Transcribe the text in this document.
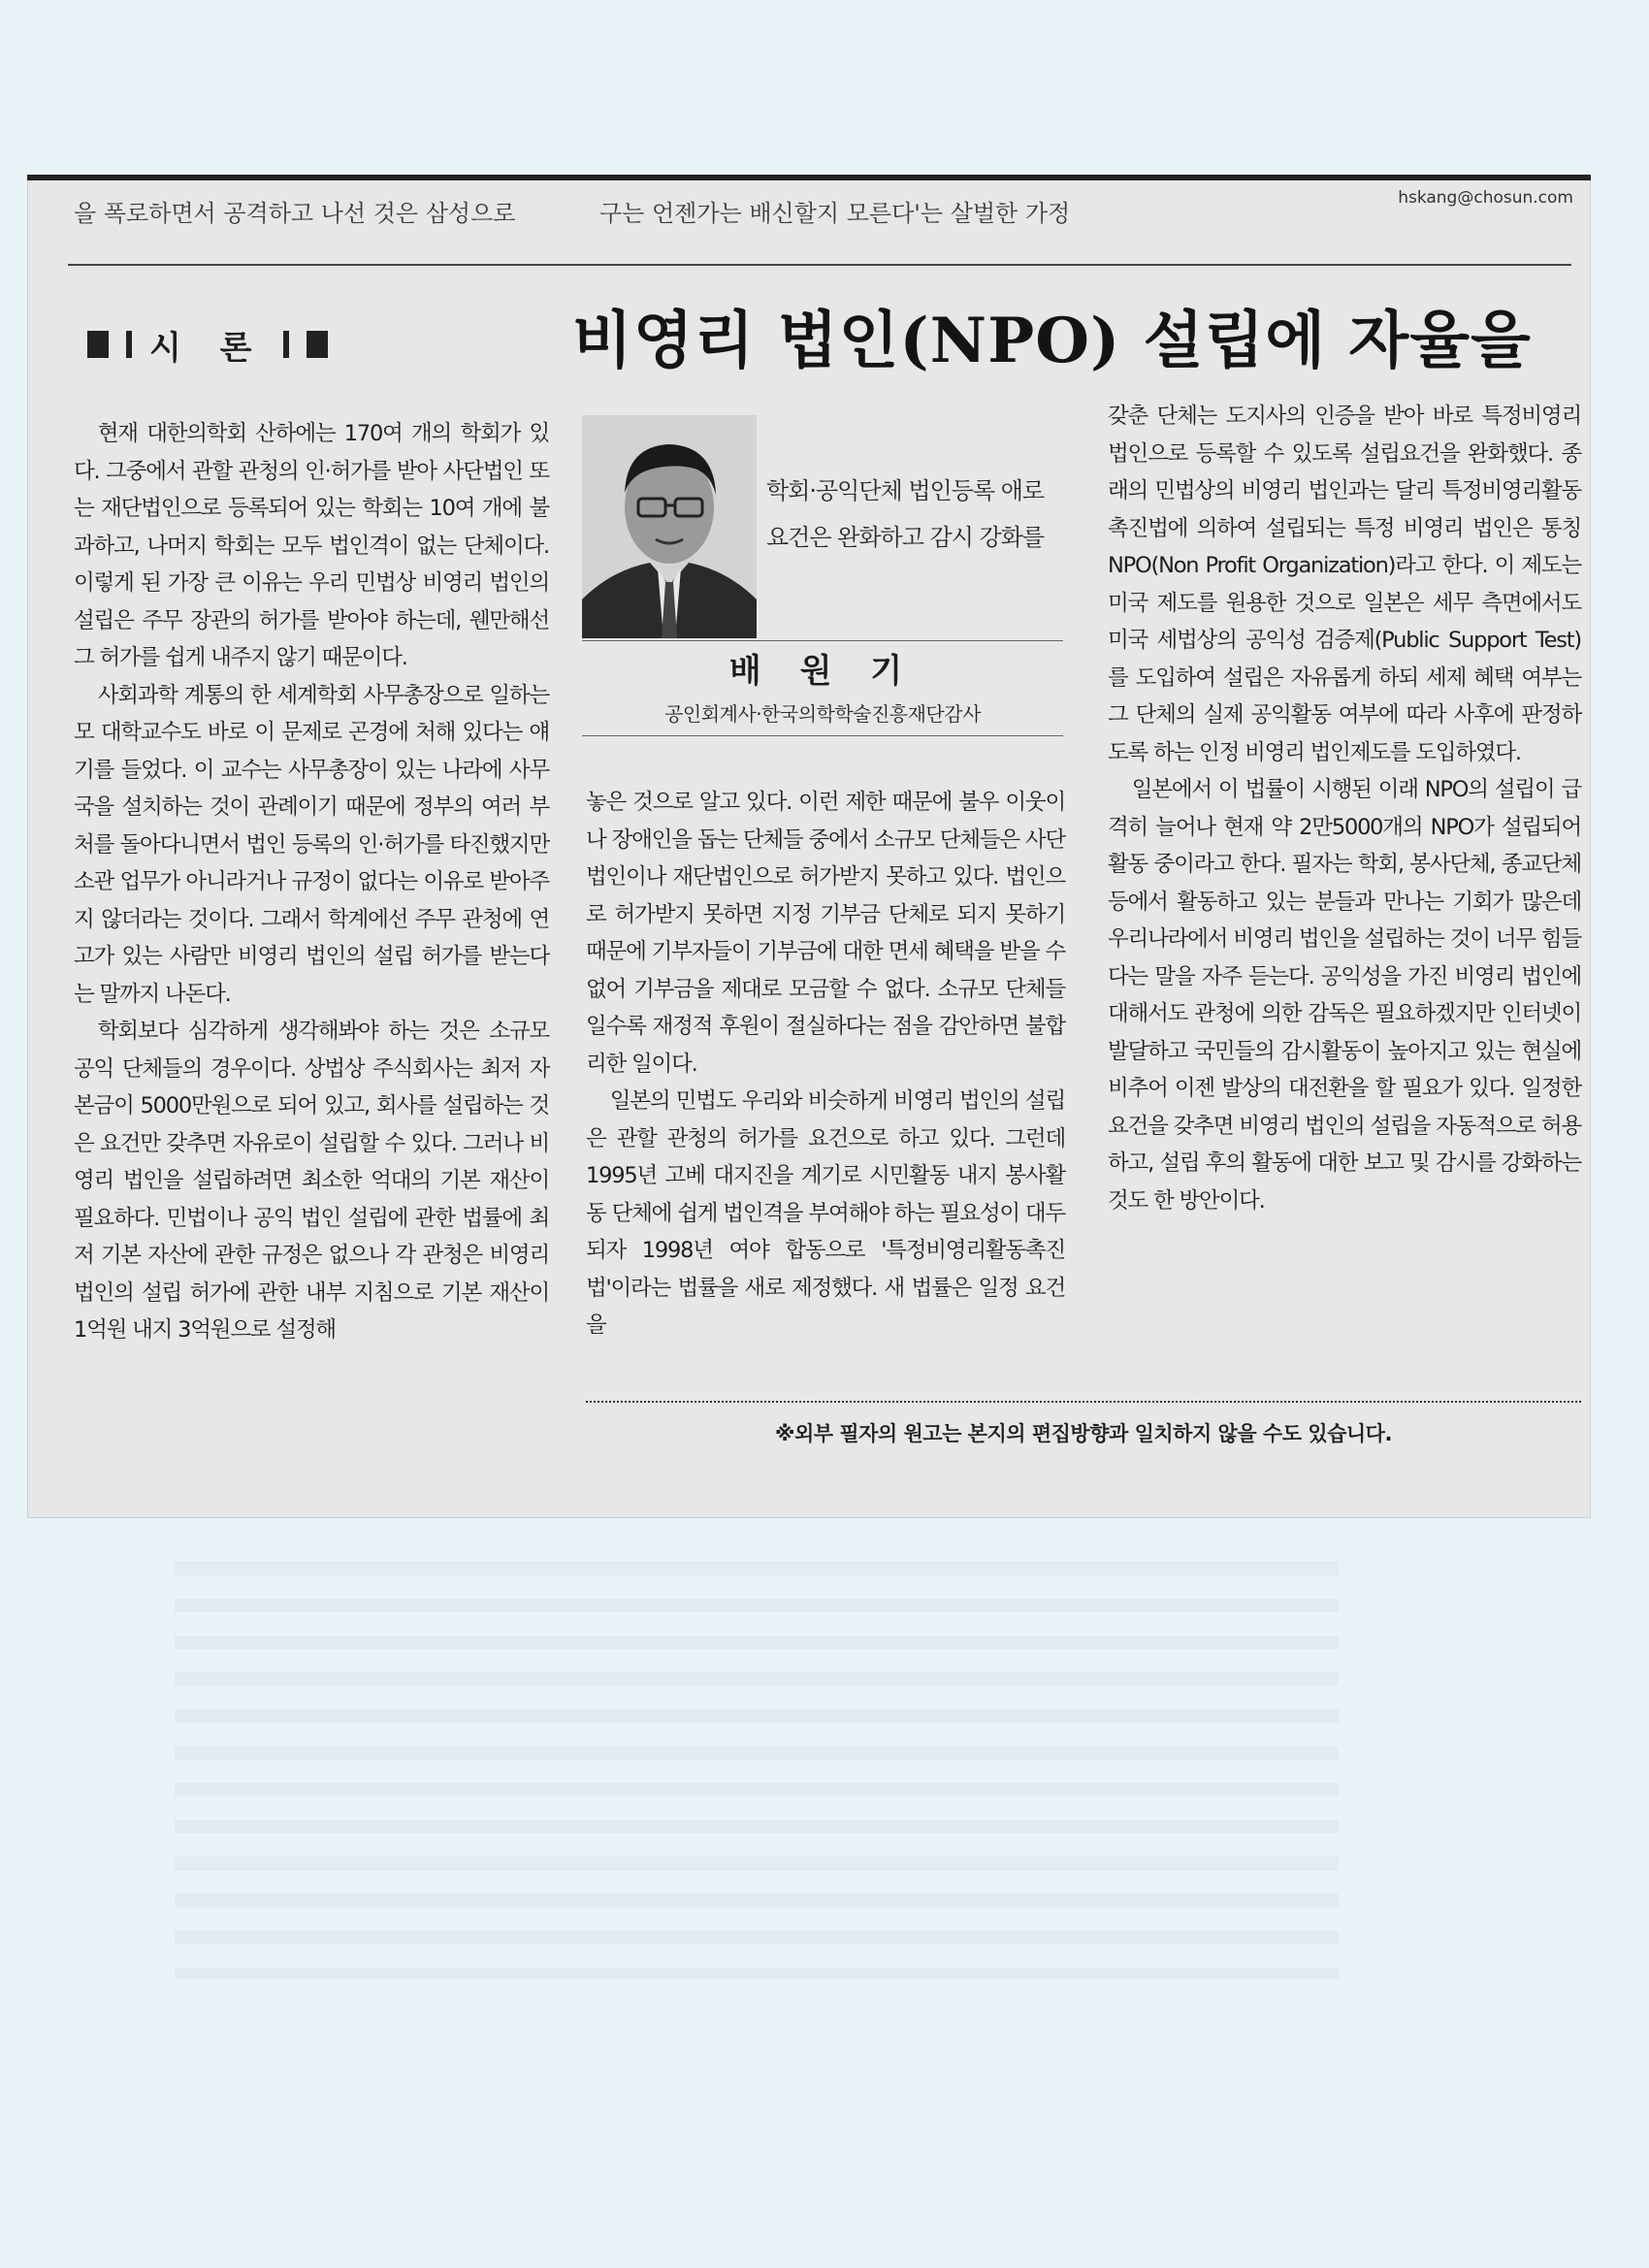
을 폭로하면서 공격하고 나선 것은 삼성으로	구는 언젠가는 배신할지 모른다'는 살벌한 가정
hskang@chosun.com
시 론	비영리 법인(NPO) 설립에 자율을

현재 대한의학회 산하에는 170여 개의 학회가 있다. 그중에서 관할 관청의 인·허가를 받아 사단법인 또는 재단법인으로 등록되어 있는 학회는 10여 개에 불과하고, 나머지 학회는 모두 법인격이 없는 단체이다. 이렇게 된 가장 큰 이유는 우리 민법상 비영리 법인의 설립은 주무 장관의 허가를 받아야 하는데, 웬만해선 그 허가를 쉽게 내주지 않기 때문이다.

사회과학 계통의 한 세계학회 사무총장으로 일하는 모 대학교수도 바로 이 문제로 곤경에 처해 있다는 얘기를 들었다. 이 교수는 사무총장이 있는 나라에 사무국을 설치하는 것이 관례이기 때문에 정부의 여러 부처를 돌아다니면서 법인 등록의 인·허가를 타진했지만 소관 업무가 아니라거나 규정이 없다는 이유로 받아주지 않더라는 것이다. 그래서 학계에선 주무 관청에 연고가 있는 사람만 비영리 법인의 설립 허가를 받는다는 말까지 나돈다.

학회보다 심각하게 생각해봐야 하는 것은 소규모 공익 단체들의 경우이다. 상법상 주식회사는 최저 자본금이 5000만원으로 되어 있고, 회사를 설립하는 것은 요건만 갖추면 자유로이 설립할 수 있다. 그러나 비영리 법인을 설립하려면 최소한 억대의 기본 재산이 필요하다. 민법이나 공익 법인 설립에 관한 법률에 최저 기본 자산에 관한 규정은 없으나 각 관청은 비영리 법인의 설립 허가에 관한 내부 지침으로 기본 재산이 1억원 내지 3억원으로 설정해

학회·공익단체 법인등록 애로
요건은 완화하고 감시 강화를
배 원 기
공인회계사·한국의학학술진흥재단감사

놓은 것으로 알고 있다. 이런 제한 때문에 불우 이웃이나 장애인을 돕는 단체들 중에서 소규모 단체들은 사단법인이나 재단법인으로 허가받지 못하고 있다. 법인으로 허가받지 못하면 지정 기부금 단체로 되지 못하기 때문에 기부자들이 기부금에 대한 면세 혜택을 받을 수 없어 기부금을 제대로 모금할 수 없다. 소규모 단체들일수록 재정적 후원이 절실하다는 점을 감안하면 불합리한 일이다.

일본의 민법도 우리와 비슷하게 비영리 법인의 설립은 관할 관청의 허가를 요건으로 하고 있다. 그런데 1995년 고베 대지진을 계기로 시민활동 내지 봉사활동 단체에 쉽게 법인격을 부여해야 하는 필요성이 대두되자 1998년 여야 합동으로 '특정비영리활동촉진법'이라는 법률을 새로 제정했다. 새 법률은 일정 요건을

갖춘 단체는 도지사의 인증을 받아 바로 특정비영리 법인으로 등록할 수 있도록 설립요건을 완화했다. 종래의 민법상의 비영리 법인과는 달리 특정비영리활동촉진법에 의하여 설립되는 특정 비영리 법인은 통칭 NPO(Non Profit Organization)라고 한다. 이 제도는 미국 제도를 원용한 것으로 일본은 세무 측면에서도 미국 세법상의 공익성 검증제(Public Support Test)를 도입하여 설립은 자유롭게 하되 세제 혜택 여부는 그 단체의 실제 공익활동 여부에 따라 사후에 판정하도록 하는 인정 비영리 법인제도를 도입하였다.

일본에서 이 법률이 시행된 이래 NPO의 설립이 급격히 늘어나 현재 약 2만5000개의 NPO가 설립되어 활동 중이라고 한다. 필자는 학회, 봉사단체, 종교단체 등에서 활동하고 있는 분들과 만나는 기회가 많은데 우리나라에서 비영리 법인을 설립하는 것이 너무 힘들다는 말을 자주 듣는다. 공익성을 가진 비영리 법인에 대해서도 관청에 의한 감독은 필요하겠지만 인터넷이 발달하고 국민들의 감시활동이 높아지고 있는 현실에 비추어 이젠 발상의 대전환을 할 필요가 있다. 일정한 요건을 갖추면 비영리 법인의 설립을 자동적으로 허용하고, 설립 후의 활동에 대한 보고 및 감시를 강화하는 것도 한 방안이다.

※외부 필자의 원고는 본지의 편집방향과 일치하지 않을 수도 있습니다.
